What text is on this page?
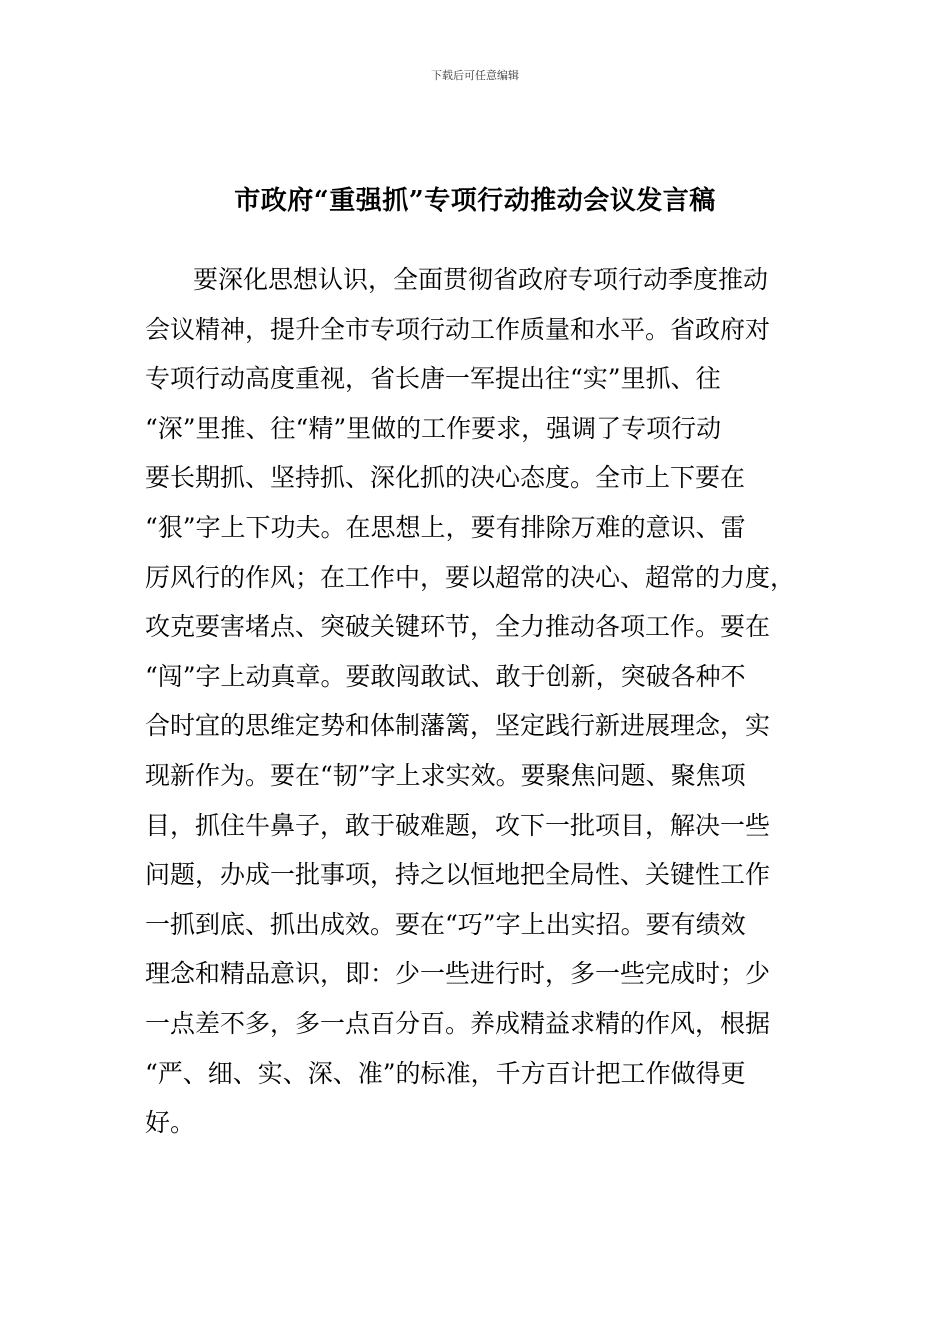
下载后可任意编辑
市政府“重强抓”专项行动推动会议发言稿
要深化思想认识，全面贯彻省政府专项行动季度推动
会议精神，提升全市专项行动工作质量和水平。省政府对
专项行动高度重视，省长唐一军提出往“实”里抓、往
“深”里推、往“精”里做的工作要求，强调了专项行动
要长期抓、坚持抓、深化抓的决心态度。全市上下要在
“狠”字上下功夫。在思想上，要有排除万难的意识、雷
厉风行的作风；在工作中，要以超常的决心、超常的力度，
攻克要害堵点、突破关键环节，全力推动各项工作。要在
“闯”字上动真章。要敢闯敢试、敢于创新，突破各种不
合时宜的思维定势和体制藩篱，坚定践行新进展理念，实
现新作为。要在“韧”字上求实效。要聚焦问题、聚焦项
目，抓住牛鼻子，敢于破难题，攻下一批项目，解决一些
问题，办成一批事项，持之以恒地把全局性、关键性工作
一抓到底、抓出成效。要在“巧”字上出实招。要有绩效
理念和精品意识，即：少一些进行时，多一些完成时；少
一点差不多，多一点百分百。养成精益求精的作风，根据
“严、细、实、深、准”的标准，千方百计把工作做得更
好。
